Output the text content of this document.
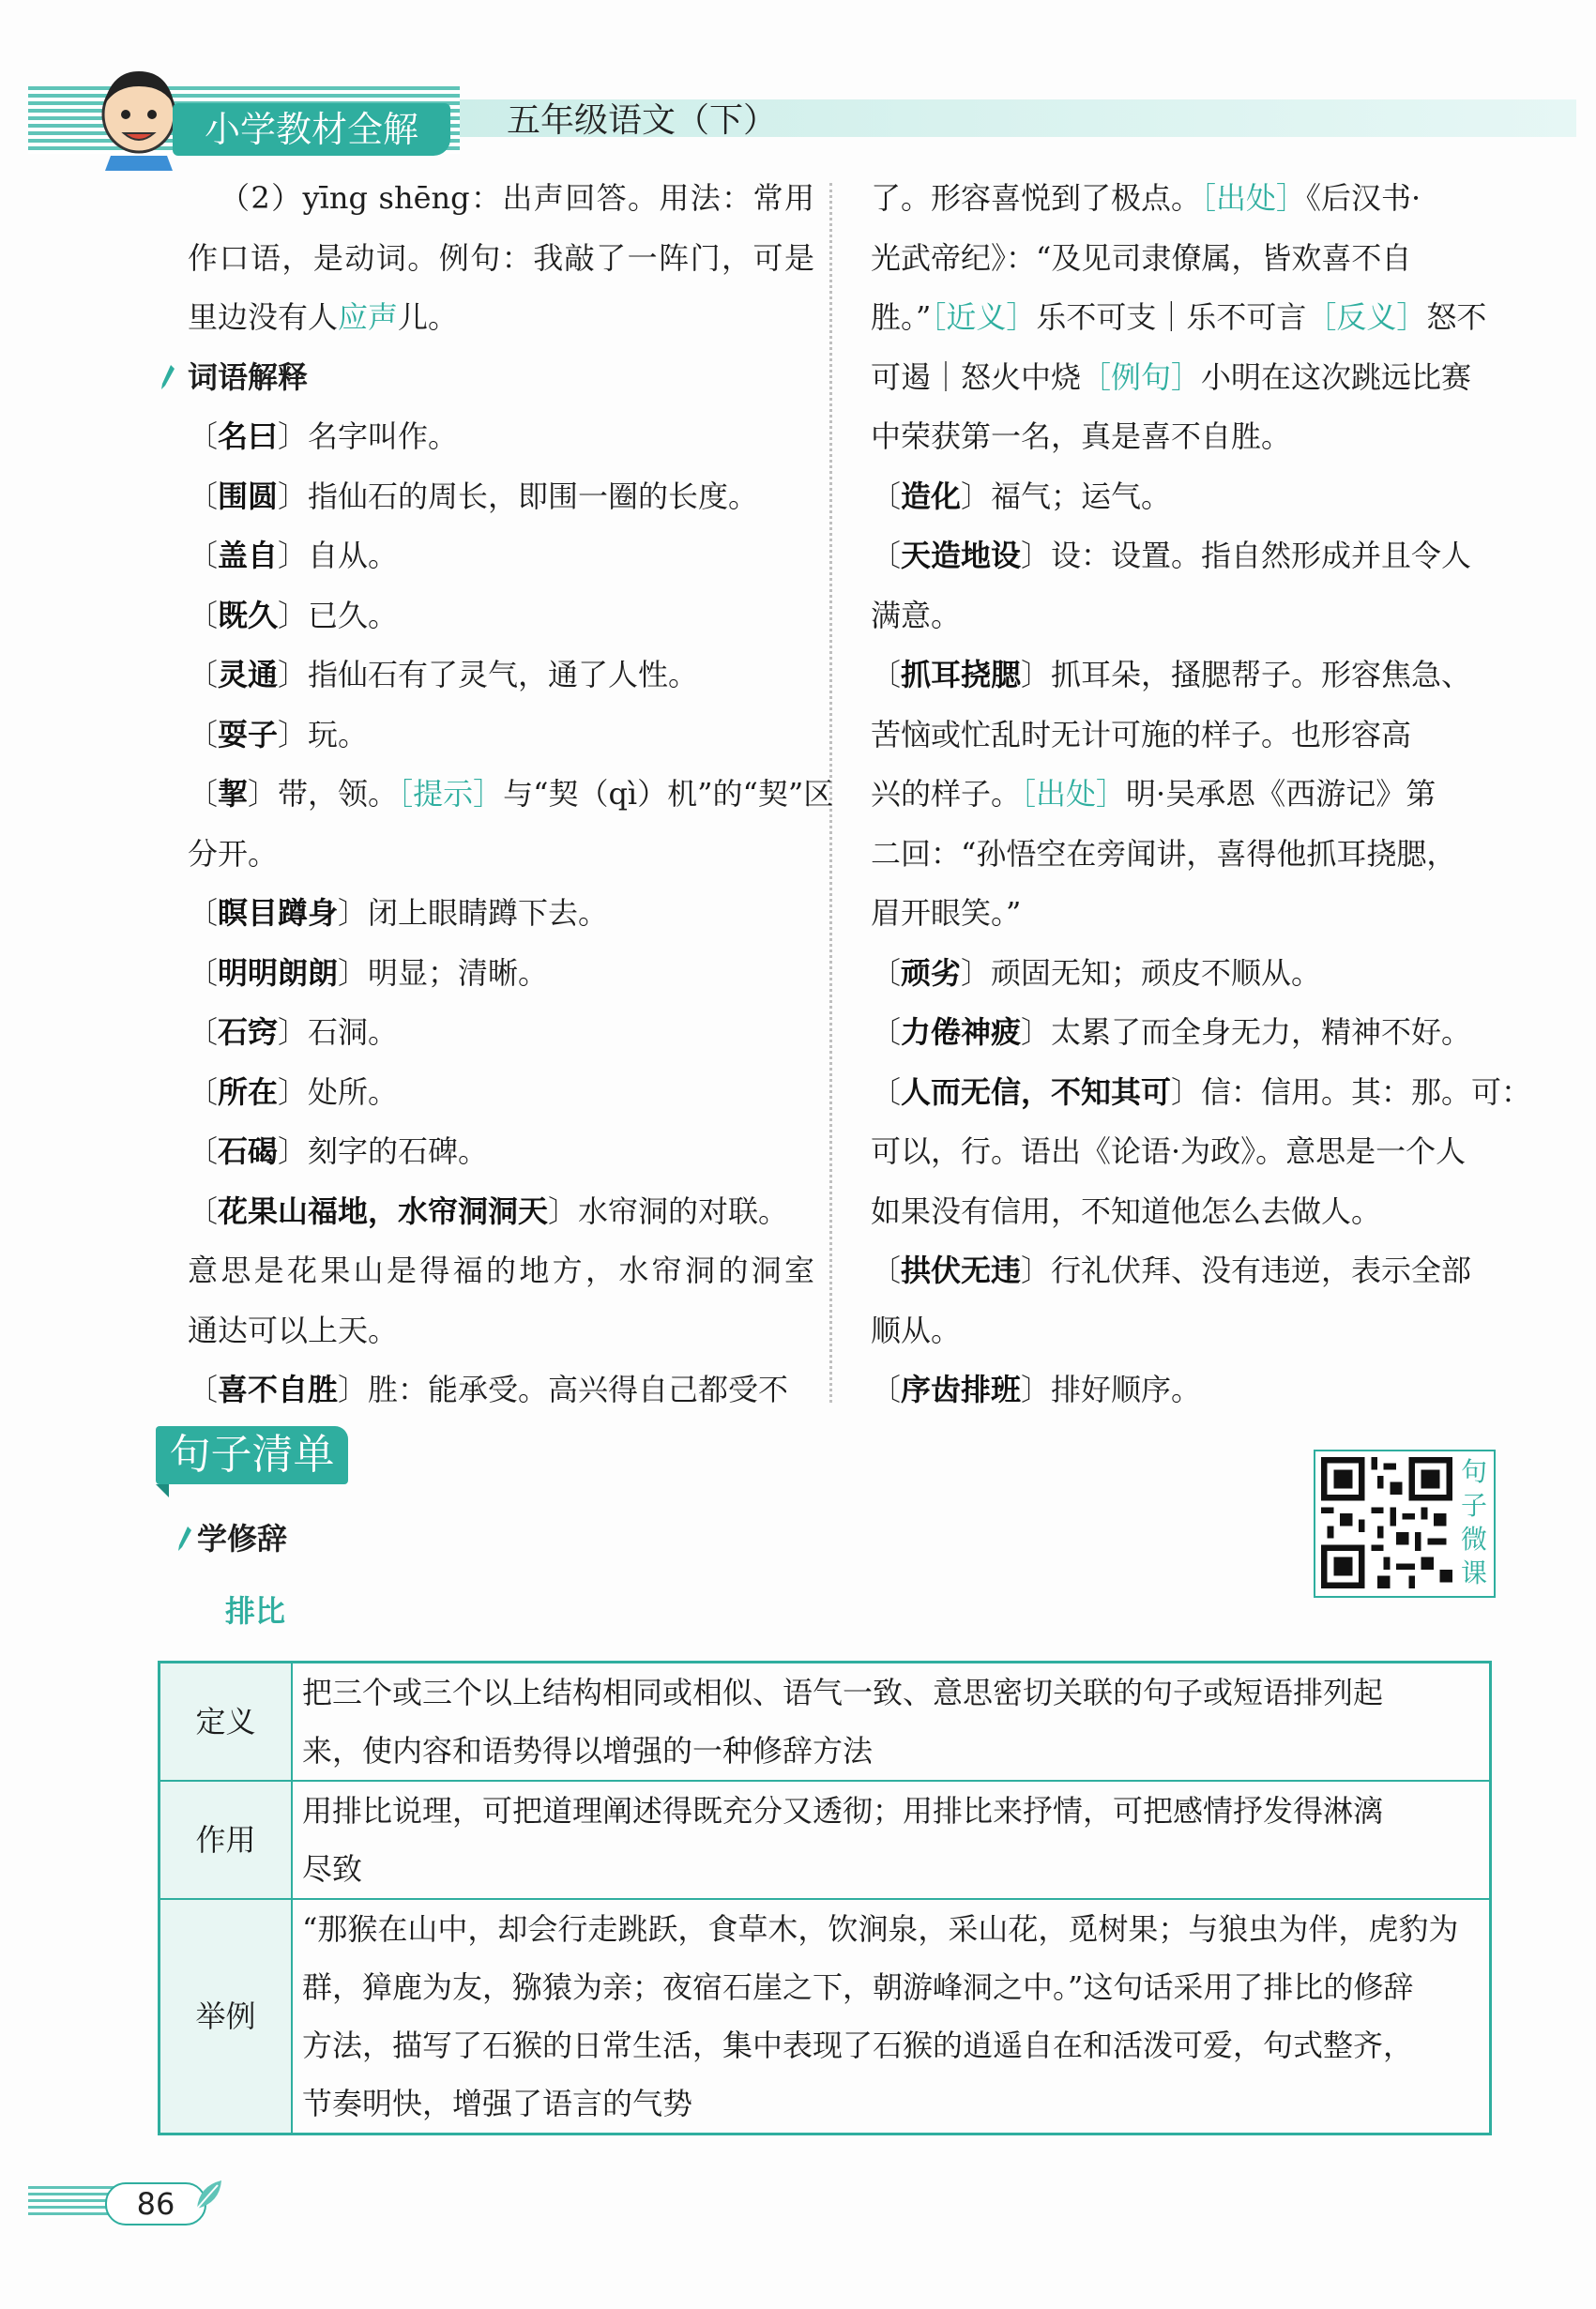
小学教材全解	五年级语文（下）
（2）yīng shēng：出声回答。用法：常用
作口语，是动词。例句：我敲了一阵门，可是
里边没有人应声儿。
词语解释
〔名曰〕名字叫作。
〔围圆〕指仙石的周长，即围一圈的长度。
〔盖自〕自从。
〔既久〕已久。
〔灵通〕指仙石有了灵气，通了人性。
〔耍子〕玩。
〔挈〕带，领。［提示］与“契（qì）机”的“契”区
分开。
〔瞑目蹲身〕闭上眼睛蹲下去。
〔明明朗朗〕明显；清晰。
〔石窍〕石洞。
〔所在〕处所。
〔石碣〕刻字的石碑。
〔花果山福地，水帘洞洞天〕水帘洞的对联。
意思是花果山是得福的地方，水帘洞的洞室
通达可以上天。
〔喜不自胜〕胜：能承受。高兴得自己都受不
了。形容喜悦到了极点。［出处］《后汉书·
光武帝纪》：“及见司隶僚属，皆欢喜不自
胜。”［近义］乐不可支｜乐不可言［反义］怒不
可遏｜怒火中烧［例句］小明在这次跳远比赛
中荣获第一名，真是喜不自胜。
〔造化〕福气；运气。
〔天造地设〕设：设置。指自然形成并且令人
满意。
〔抓耳挠腮〕抓耳朵，搔腮帮子。形容焦急、
苦恼或忙乱时无计可施的样子。也形容高
兴的样子。［出处］明·吴承恩《西游记》第
二回：“孙悟空在旁闻讲，喜得他抓耳挠腮，
眉开眼笑。”
〔顽劣〕顽固无知；顽皮不顺从。
〔力倦神疲〕太累了而全身无力，精神不好。
〔人而无信，不知其可〕信：信用。其：那。可：
可以，行。语出《论语·为政》。意思是一个人
如果没有信用，不知道他怎么去做人。
〔拱伏无违〕行礼伏拜、没有违逆，表示全部
顺从。
〔序齿排班〕排好顺序。
句子清单
学修辞
排比
句
子
微
课
定义	把三个或三个以上结构相同或相似、语气一致、意思密切关联的句子或短语排列起
来，使内容和语势得以增强的一种修辞方法

作用	用排比说理，可把道理阐述得既充分又透彻；用排比来抒情，可把感情抒发得淋漓
尽致

举例	“那猴在山中，却会行走跳跃，食草木，饮涧泉，采山花，觅树果；与狼虫为伴，虎豹为
群，獐鹿为友，猕猿为亲；夜宿石崖之下，朝游峰洞之中。”这句话采用了排比的修辞
方法，描写了石猴的日常生活，集中表现了石猴的逍遥自在和活泼可爱，句式整齐，
节奏明快，增强了语言的气势
86
